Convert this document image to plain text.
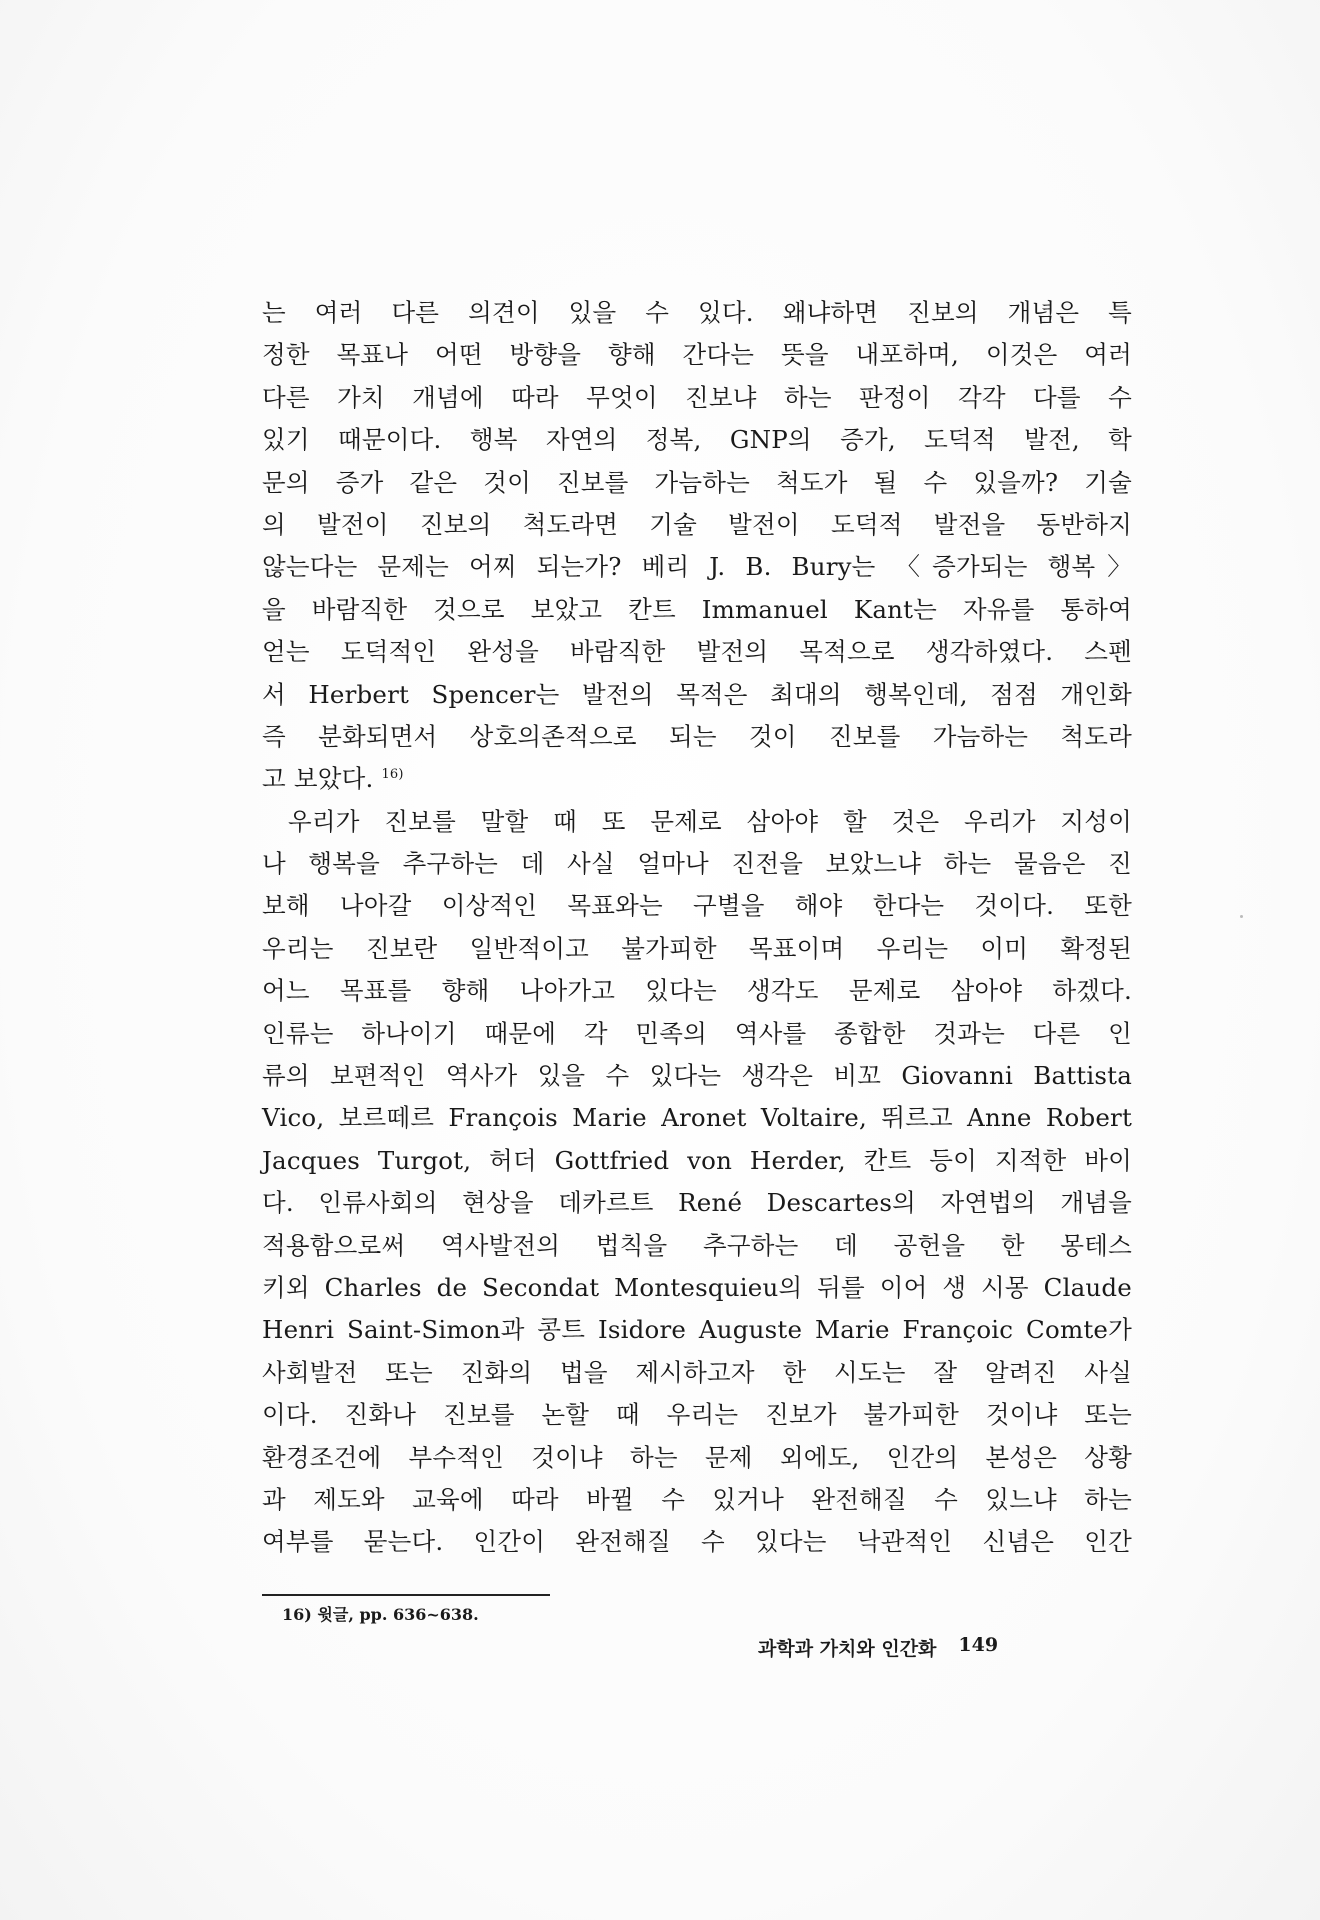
는 여러 다른 의견이 있을 수 있다. 왜냐하면 진보의 개념은 특
정한 목표나 어떤 방향을 향해 간다는 뜻을 내포하며, 이것은 여러
다른 가치 개념에 따라 무엇이 진보냐 하는 판정이 각각 다를 수
있기 때문이다. 행복 자연의 정복, GNP의 증가, 도덕적 발전, 학
문의 증가 같은 것이 진보를 가늠하는 척도가 될 수 있을까? 기술
의 발전이 진보의 척도라면 기술 발전이 도덕적 발전을 동반하지
않는다는 문제는 어찌 되는가? 베리 J. B. Bury는 〈증가되는 행복〉
을 바람직한 것으로 보았고 칸트 Immanuel Kant는 자유를 통하여
얻는 도덕적인 완성을 바람직한 발전의 목적으로 생각하였다. 스펜
서 Herbert Spencer는 발전의 목적은 최대의 행복인데, 점점 개인화
즉 분화되면서 상호의존적으로 되는 것이 진보를 가늠하는 척도라
고 보았다. $^{16)}$
우리가 진보를 말할 때 또 문제로 삼아야 할 것은 우리가 지성이
나 행복을 추구하는 데 사실 얼마나 진전을 보았느냐 하는 물음은 진
보해 나아갈 이상적인 목표와는 구별을 해야 한다는 것이다. 또한
우리는 진보란 일반적이고 불가피한 목표이며 우리는 이미 확정된
어느 목표를 향해 나아가고 있다는 생각도 문제로 삼아야 하겠다.
인류는 하나이기 때문에 각 민족의 역사를 종합한 것과는 다른 인
류의 보편적인 역사가 있을 수 있다는 생각은 비꼬 Giovanni Battista
Vico, 보르떼르 François Marie Aronet Voltaire, 뛰르고 Anne Robert
Jacques Turgot, 허더 Gottfried von Herder, 칸트 등이 지적한 바이
다. 인류사회의 현상을 데카르트 René Descartes의 자연법의 개념을
적용함으로써 역사발전의 법칙을 추구하는 데 공헌을 한 몽테스
키외 Charles de Secondat Montesquieu의 뒤를 이어 생 시몽 Claude
Henri Saint-Simon과 콩트 Isidore Auguste Marie Françoic Comte가
사회발전 또는 진화의 법을 제시하고자 한 시도는 잘 알려진 사실
이다. 진화나 진보를 논할 때 우리는 진보가 불가피한 것이냐 또는
환경조건에 부수적인 것이냐 하는 문제 외에도, 인간의 본성은 상황
과 제도와 교육에 따라 바뀔 수 있거나 완전해질 수 있느냐 하는
여부를 묻는다. 인간이 완전해질 수 있다는 낙관적인 신념은 인간
16) 윗글, pp. 636~638.
과학과 가치와 인간화 149
